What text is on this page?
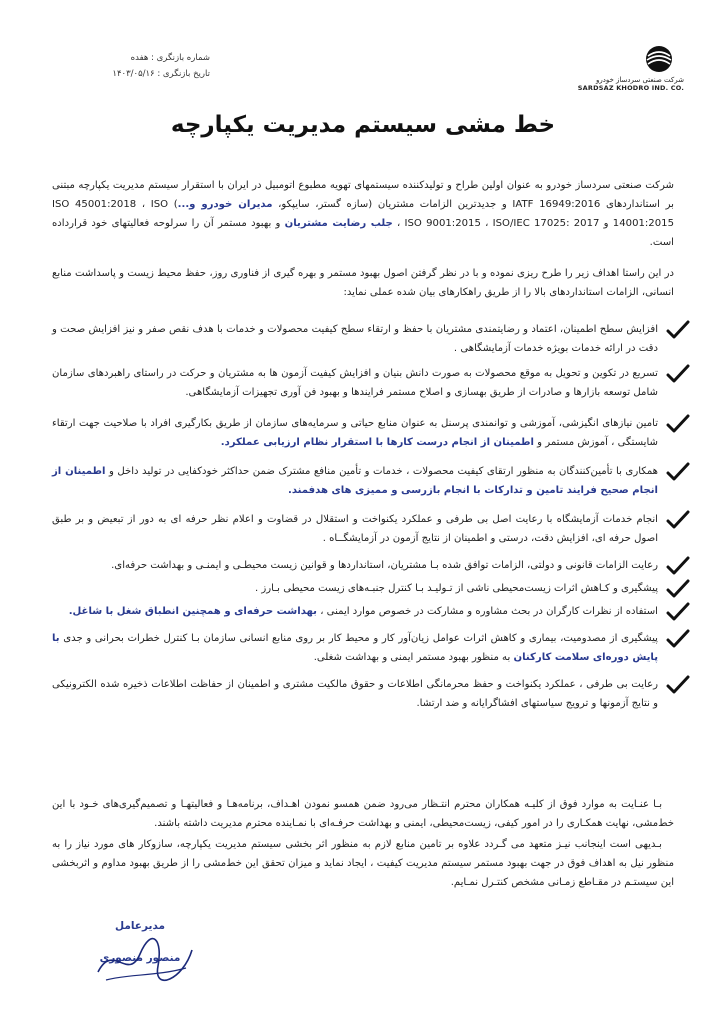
شرکت صنعتی سردساز خودرو
SARDSAZ KHODRO IND. CO.
شماره بازنگری : هفده
تاریخ بازنگری : ۱۴۰۳/۰۵/۱۶
خط مشی سیستم مدیریت یکپارچه
شرکت صنعتی سردساز خودرو به عنوان اولین طراح و تولیدکننده سیستمهای تهویه مطبوع اتومبیل در ایران با استقرار سیستم مدیریت یکپارچه مبتنی بر استانداردهای IATF 16949:2016 و جدیدترین الزامات مشتریان (سازه گستر، سایپکو، مدیران خودرو و...) ISO 45001:2018 ، ISO 14001:2015 و ISO 9001:2015 ، ISO/IEC 17025: 2017 ، جلب رضایت مشتریان و بهبود مستمر آن را سرلوحه فعالیتهای خود قرارداده است.
در این راستا اهداف زیر را طرح ریزی نموده و با در نظر گرفتن اصول بهبود مستمر و بهره گیری از فناوری روز، حفظ محیط زیست و پاسداشت منابع انسانی، الزامات استانداردهای بالا را از طریق راهکارهای بیان شده عملی نماید:
افزایش سطح اطمینان، اعتماد و رضایتمندی مشتریان با حفظ و ارتقاء سطح کیفیت محصولات و خدمات با هدف نقص صفر و نیز افزایش صحت و دقت در ارائه خدمات بویژه خدمات آزمایشگاهی .
تسریع در تکوین و تحویل به موقع محصولات به صورت دانش بنیان و افزایش کیفیت آزمون ها به مشتریان و حرکت در راستای راهبردهای سازمان شامل توسعه بازارها و صادرات از طریق بهسازی و اصلاح مستمر فرایندها و بهبود فن آوری تجهیزات آزمایشگاهی.
تامین نیازهای انگیزشی، آموزشی و توانمندی پرسنل به عنوان منابع حیاتی و سرمایه‌های سازمان از طریق بکارگیری افراد با صلاحیت جهت ارتقاء شایستگی ، آموزش مستمر و اطمینان از انجام درست کارها با استقرار نظام ارزیابی عملکرد.
همکاری با تأمین‌کنندگان به منظور ارتقای کیفیت محصولات ، خدمات و تأمین منافع مشترک ضمن حداکثر خودکفایی در تولید داخل و اطمینان از انجام صحیح فرایند تامین و تدارکات با انجام بازرسی و ممیزی های هدفمند.
انجام خدمات آزمایشگاه با رعایت اصل بی طرفی و عملکرد یکنواخت و استقلال در قضاوت و اعلام نظر حرفه ای به دور از تبعیض و بر طبق اصول حرفه ای، افزایش دقت، درستی و اطمینان از نتایج آزمون در آزمایشگــاه .
رعایت الزامات قانونی و دولتی، الزامات توافق شده بـا مشتریان، استانداردها و قوانین زیست محیطـی و ایمنـی و بهداشت حرفه‌ای.
پیشگیری و کـاهش اثرات زیست‌محیطی ناشی از تـولیـد بـا کنترل جنبـه‌های زیست محیطی بـارز .
استفاده از نظرات کارگران در بحث مشاوره و مشارکت در خصوص موارد ایمنی ، بهداشت حرفه‌ای و همچنین انطباق شغل با شاغل.
پیشگیری از مصدومیت، بیماری و کاهش اثرات عوامل زیان‌آور کار و محیط کار بر روی منابع انسانی سازمان بـا کنترل خطرات بحرانی و جدی با پایش دوره‌ای سلامت کارکنان به منظور بهبود مستمر ایمنی و بهداشت شغلی.
رعایت بی طرفی ، عملکرد یکنواخت و حفظ محرمانگی اطلاعات و حقوق مالکیت مشتری و اطمینان از حفاظت اطلاعات ذخیره شده الکترونیکی و نتایج آزمونها و ترویج سیاستهای افشاگرایانه و ضد ارتشا.

بـا عنـایت به موارد فوق از کلیـه همکاران محترم انتـظار می‌رود ضمن همسو نمودن اهـداف، برنامه‌هـا و فعالیتهـا و تصمیم‌گیری‌های خـود با این خط‌مشی، نهایت همکـاری را در امور کیفی، زیست‌محیطی، ایمنی و بهداشت حرفـه‌ای با نمـاینده محترم مدیریت داشته باشند.

بـدیهی است اینجانب نیـز متعهد می گـردد علاوه بر تامین منابع لازم به منظور اثر بخشی سیستم مدیریت یکپارچه، سازوکار های مورد نیاز را به منظور نیل به اهداف فوق در جهت بهبود مستمر سیستم مدیریت کیفیت ، ایجاد نماید و میزان تحقق این خط‌مشی را از طریق بهبود مداوم و اثربخشی این سیستـم در مقـاطع زمـانی مشخص کنتـرل نمـایم.

مدیرعامل
منصور منصوری
